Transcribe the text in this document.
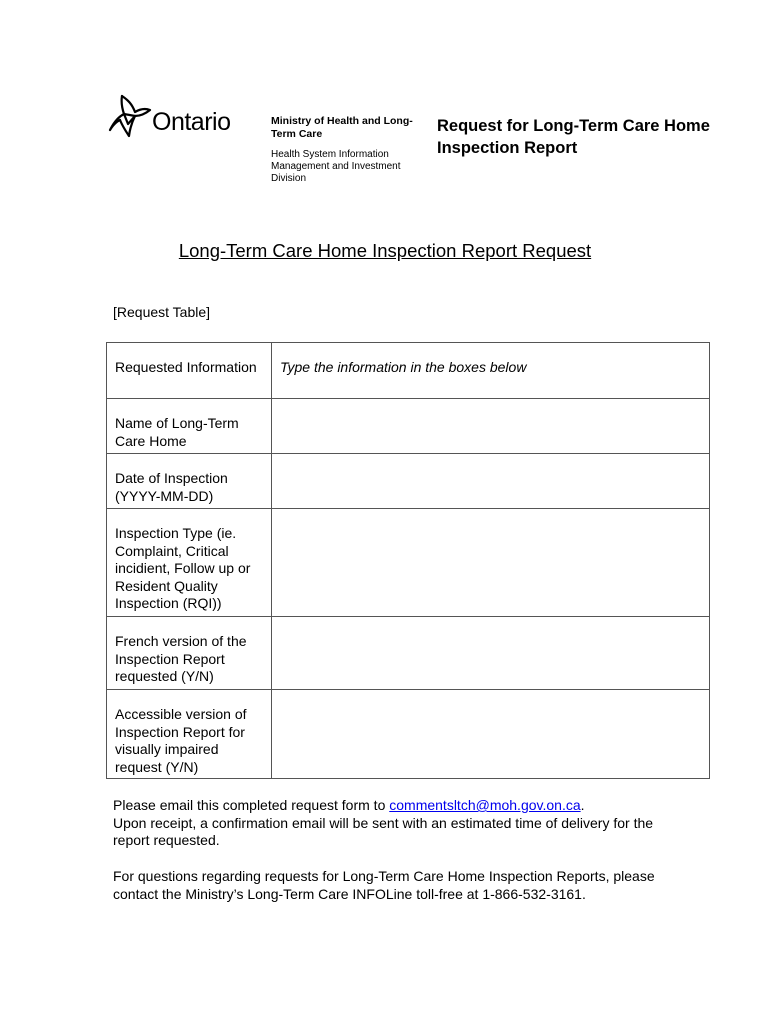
Ontario	Ministry of Health and Long-Term Care
Health System Information Management and Investment Division
Request for Long-Term Care Home Inspection Report
Long-Term Care Home Inspection Report Request
[Request Table]
Requested Information	Type the information in the boxes below
Name of Long-Term Care Home	
Date of Inspection (YYYY-MM-DD)	
Inspection Type (ie. Complaint, Critical incidient, Follow up or Resident Quality Inspection (RQI))	
French version of the Inspection Report requested (Y/N)	
Accessible version of Inspection Report for visually impaired request (Y/N)	
Please email this completed request form to commentsltch@moh.gov.on.ca.
Upon receipt, a confirmation email will be sent with an estimated time of delivery for the report requested.
For questions regarding requests for Long-Term Care Home Inspection Reports, please contact the Ministry’s Long-Term Care INFOLine toll-free at 1-866-532-3161.
